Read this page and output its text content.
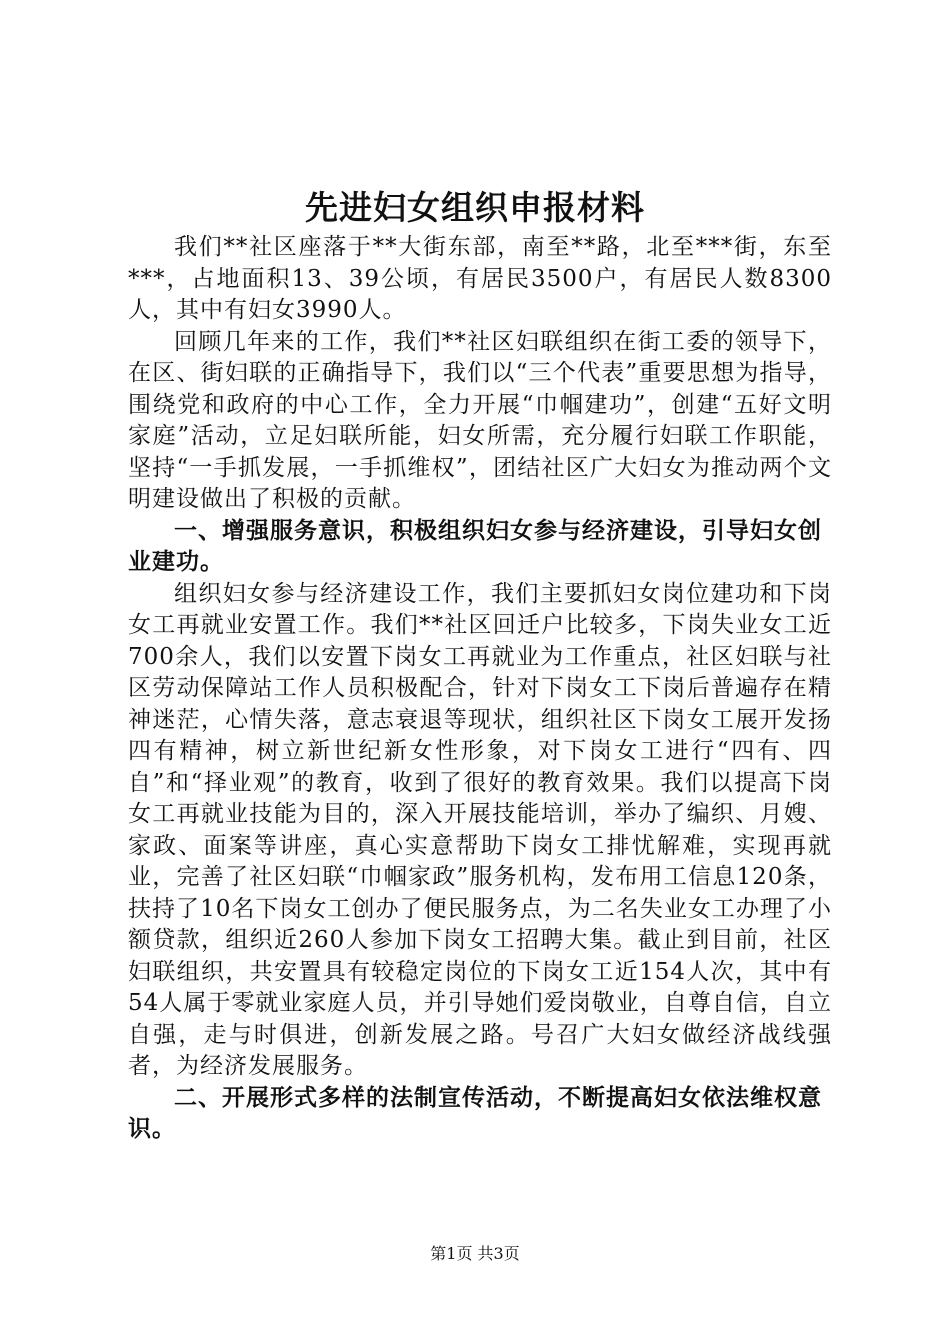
先进妇女组织申报材料

我们**社区座落于**大街东部，南至**路，北至***街，东至***，占地面积13、39公顷，有居民3500户，有居民人数8300人，其中有妇女3990人。

回顾几年来的工作，我们**社区妇联组织在街工委的领导下，在区、街妇联的正确指导下，我们以“三个代表”重要思想为指导，围绕党和政府的中心工作，全力开展“巾帼建功”，创建“五好文明家庭”活动，立足妇联所能，妇女所需，充分履行妇联工作职能，坚持“一手抓发展，一手抓维权”，团结社区广大妇女为推动两个文明建设做出了积极的贡献。

一、增强服务意识，积极组织妇女参与经济建设，引导妇女创业建功。

组织妇女参与经济建设工作，我们主要抓妇女岗位建功和下岗女工再就业安置工作。我们**社区回迁户比较多，下岗失业女工近700余人，我们以安置下岗女工再就业为工作重点，社区妇联与社区劳动保障站工作人员积极配合，针对下岗女工下岗后普遍存在精神迷茫，心情失落，意志衰退等现状，组织社区下岗女工展开发扬四有精神，树立新世纪新女性形象，对下岗女工进行“四有、四自”和“择业观”的教育，收到了很好的教育效果。我们以提高下岗女工再就业技能为目的，深入开展技能培训，举办了编织、月嫂、家政、面案等讲座，真心实意帮助下岗女工排忧解难，实现再就业，完善了社区妇联“巾帼家政”服务机构，发布用工信息120条，扶持了10名下岗女工创办了便民服务点，为二名失业女工办理了小额贷款，组织近260人参加下岗女工招聘大集。截止到目前，社区妇联组织，共安置具有较稳定岗位的下岗女工近154人次，其中有54人属于零就业家庭人员，并引导她们爱岗敬业，自尊自信，自立自强，走与时俱进，创新发展之路。号召广大妇女做经济战线强者，为经济发展服务。

二、开展形式多样的法制宣传活动，不断提高妇女依法维权意识。

第1页 共3页
